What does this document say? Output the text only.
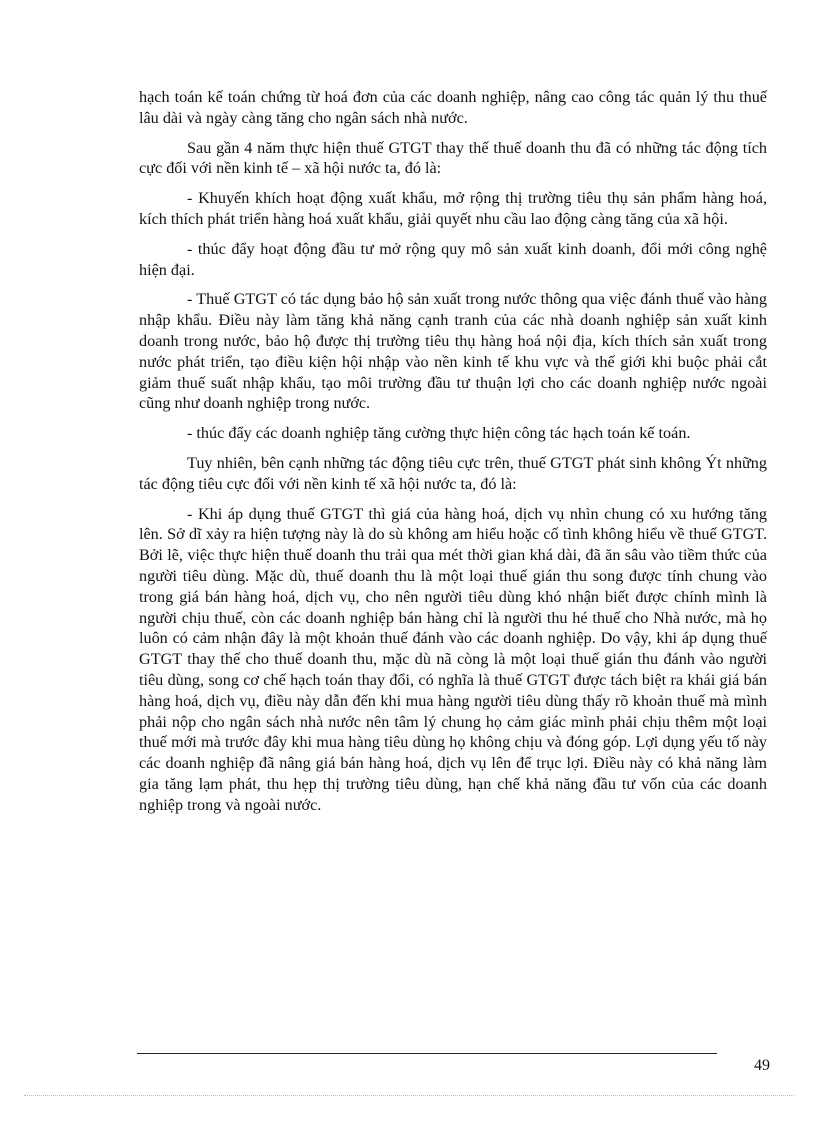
hạch toán kế toán chứng từ hoá đơn của các doanh nghiệp, nâng cao công tác quản lý thu thuế lâu dài và ngày càng tăng cho ngân sách nhà nước.

Sau gần 4 năm thực hiện thuế GTGT thay thế thuế doanh thu đã có những tác động tích cực đối với nền kinh tế – xã hội nước ta, đó là:

- Khuyến khích hoạt động xuất khẩu, mở rộng thị trường tiêu thụ sản phẩm hàng hoá, kích thích phát triển hàng hoá xuất khẩu, giải quyết nhu cầu lao động càng tăng của xã hội.

- thúc đẩy hoạt động đầu tư mở rộng quy mô sản xuất kinh doanh, đổi mới công nghệ hiện đại.

- Thuế GTGT có tác dụng bảo hộ sản xuất trong nước thông qua việc đánh thuế vào hàng nhập khẩu. Điều này làm tăng khả năng cạnh tranh của các nhà doanh nghiệp sản xuất kinh doanh trong nước, bảo hộ được thị trường tiêu thụ hàng hoá nội địa, kích thích sản xuất trong nước phát triển, tạo điều kiện hội nhập vào nền kinh tế khu vực và thế giới khi buộc phải cắt giảm thuế suất nhập khẩu, tạo môi trường đầu tư thuận lợi cho các doanh nghiệp nước ngoài cũng như doanh nghiệp trong nước.

- thúc đẩy các doanh nghiệp tăng cường thực hiện công tác hạch toán kế toán.

Tuy nhiên, bên cạnh những tác động tiêu cực trên, thuế GTGT phát sinh không Ýt những tác động tiêu cực đối với nền kinh tế xã hội nước ta, đó là:

- Khi áp dụng thuế GTGT thì giá của hàng hoá, dịch vụ nhìn chung có xu hướng tăng lên. Sở dĩ xảy ra hiện tượng này là do sù không am hiểu hoặc cố tình không hiểu về thuế GTGT. Bởi lẽ, việc thực hiện thuế doanh thu trải qua mét thời gian khá dài, đã ăn sâu vào tiềm thức của người tiêu dùng. Mặc dù, thuế doanh thu là một loại thuế gián thu song được tính chung vào trong giá bán hàng hoá, dịch vụ, cho nên người tiêu dùng khó nhận biết được chính mình là người chịu thuế, còn các doanh nghiệp bán hàng chỉ là người thu hé thuế cho Nhà nước, mà họ luôn có cảm nhận đây là một khoản thuế đánh vào các doanh nghiệp. Do vậy, khi áp dụng thuế GTGT thay thế cho thuế doanh thu, mặc dù nã còng là một loại thuế gián thu đánh vào người tiêu dùng, song cơ chế hạch toán thay đổi, có nghĩa là thuế GTGT được tách biệt ra khái giá bán hàng hoá, dịch vụ, điều này dẫn đến khi mua hàng người tiêu dùng thấy rõ khoản thuế mà mình phải nộp cho ngân sách nhà nước nên tâm lý chung họ cảm giác mình phải chịu thêm một loại thuế mới mà trước đây khi mua hàng tiêu dùng họ không chịu và đóng góp. Lợi dụng yếu tố này các doanh nghiệp đã nâng giá bán hàng hoá, dịch vụ lên để trục lợi. Điều này có khả năng làm gia tăng lạm phát, thu hẹp thị trường tiêu dùng, hạn chế khả năng đầu tư vốn của các doanh nghiệp trong và ngoài nước.

49
